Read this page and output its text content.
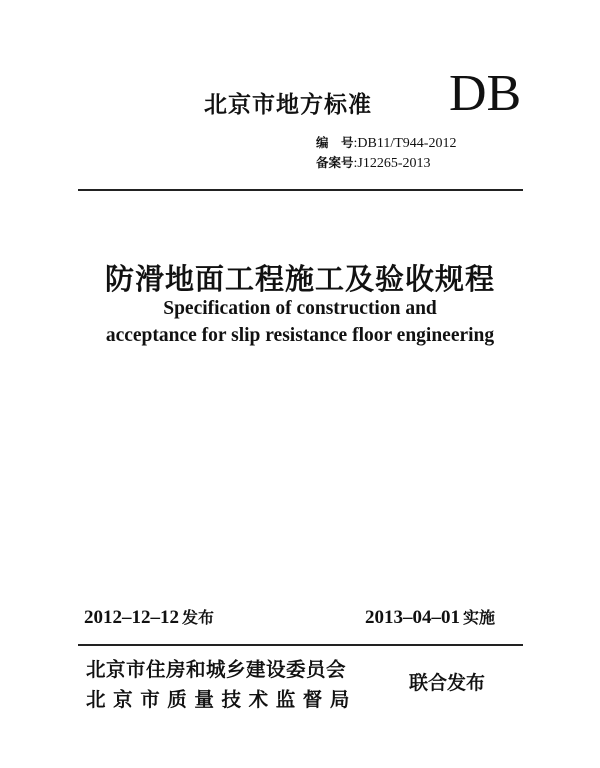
北京市地方标准 DB
编　号:DB11/T944-2012
备案号:J12265-2013
防滑地面工程施工及验收规程
Specification of construction and
acceptance for slip resistance floor engineering
2012–12–12 发布	2013–04–01 实施
北京市住房和城乡建设委员会
北京市质量技术监督局
联合发布
